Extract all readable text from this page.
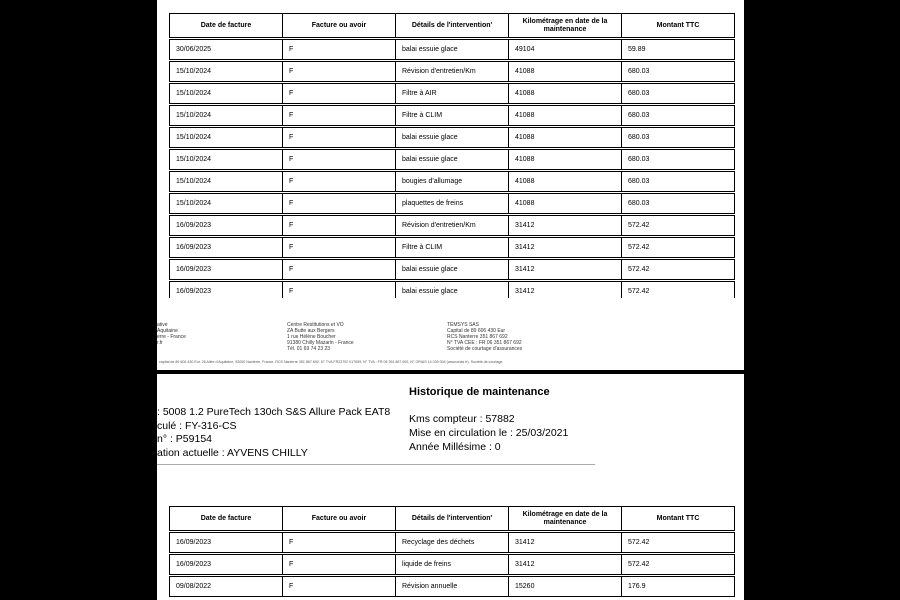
Date de facture	Facture ou avoir	Détails de l'intervention'	Kilométrage en date de la maintenance	Montant TTC

30/06/2025	F	balai essuie glace	49104	59.89

15/10/2024	F	Révision d'entretien/Km	41088	680.03

15/10/2024	F	Filtre à AIR	41088	680.03

15/10/2024	F	Filtre à CLIM	41088	680.03

15/10/2024	F	balai essuie glace	41088	680.03

15/10/2024	F	balai essuie glace	41088	680.03

15/10/2024	F	bougies d'allumage	41088	680.03

15/10/2024	F	plaquettes de freins	41088	680.03

16/09/2023	F	Révision d'entretien/Km	31412	572.42

16/09/2023	F	Filtre à CLIM	31412	572.42

16/09/2023	F	balai essuie glace	31412	572.42

16/09/2023	F	balai essuie glace	31412	572.42
ative
Aquitaine
erre - France
r.fr
Centre Restitutions et VO
ZA Butte aux Bergers
1 rue Hélène Boucher
91380 Chilly Mazarin - France
Tél. 01 69 74 23 23
TEMSYS SAS
Capital de 89 606 430 Eur
RCS Nanterre 351 867 692
N° TVA CEE : FR 06 351 867 692
Société de courtage d'assurances
capital de 89 606 430 Eur. 26 Allée d'Aquitaine, 92000 Nanterre, France. RCS Nanterre 351 867 692. N° TVA FR23702 017659, N° TVA : FR 06 351 867 692, N° ORIAS 14 039 004 (www.orias.fr). Société de courtage
Historique de maintenance
: 5008 1.2 PureTech 130ch S&S Allure Pack EAT8
culé : FY-316-CS
n° : P59154
ation actuelle : AYVENS CHILLY
Kms compteur : 57882
Mise en circulation le : 25/03/2021
Année Millésime : 0
Date de facture	Facture ou avoir	Détails de l'intervention'	Kilométrage en date de la maintenance	Montant TTC

16/09/2023	F	Recyclage des déchets	31412	572.42

16/09/2023	F	liquide de freins	31412	572.42

09/08/2022	F	Révision annuelle	15260	176.9
